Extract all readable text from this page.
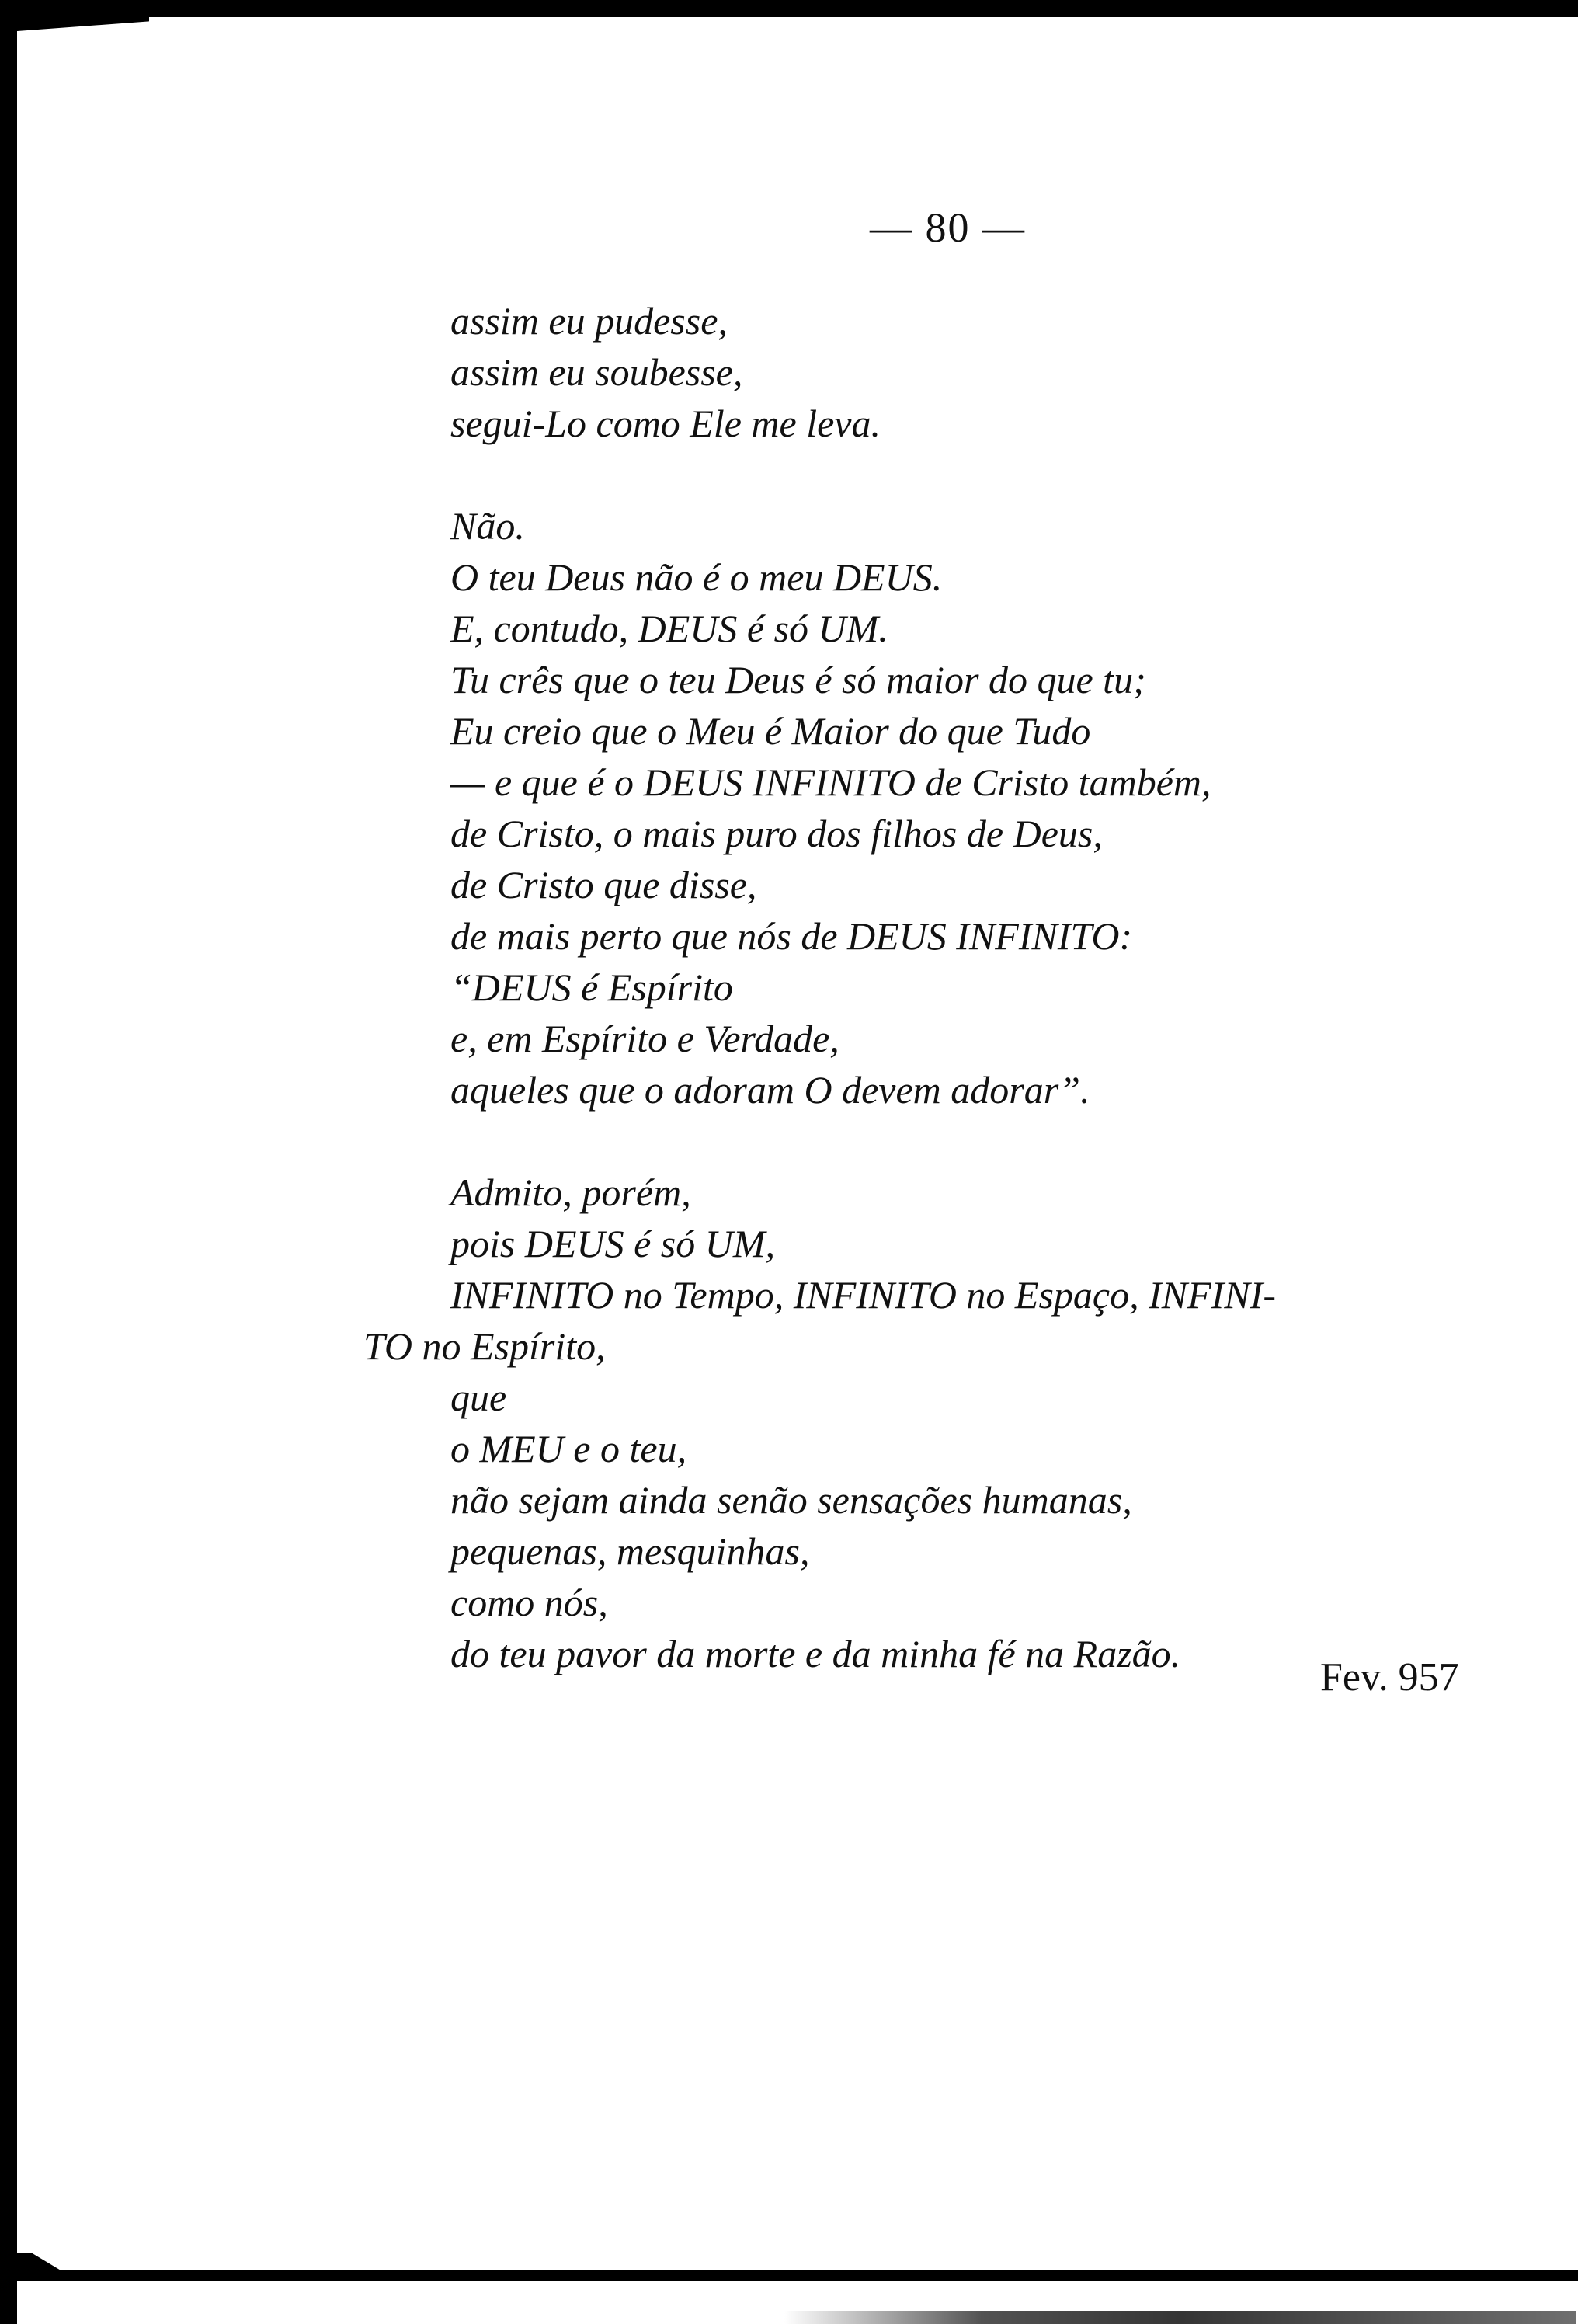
— 80 —
assim eu pudesse,
assim eu soubesse,
segui-Lo como Ele me leva.
Não.
O teu Deus não é o meu DEUS.
E, contudo, DEUS é só UM.
Tu crês que o teu Deus é só maior do que tu;
Eu creio que o Meu é Maior do que Tudo
— e que é o DEUS INFINITO de Cristo também,
de Cristo, o mais puro dos filhos de Deus,
de Cristo que disse,
de mais perto que nós de DEUS INFINITO:
“DEUS é Espírito
e, em Espírito e Verdade,
aqueles que o adoram O devem adorar”.
Admito, porém,
pois DEUS é só UM,
INFINITO no Tempo, INFINITO no Espaço, INFINI-
TO no Espírito,
que
o MEU e o teu,
não sejam ainda senão sensações humanas,
pequenas, mesquinhas,
como nós,
do teu pavor da morte e da minha fé na Razão.
Fev. 957
